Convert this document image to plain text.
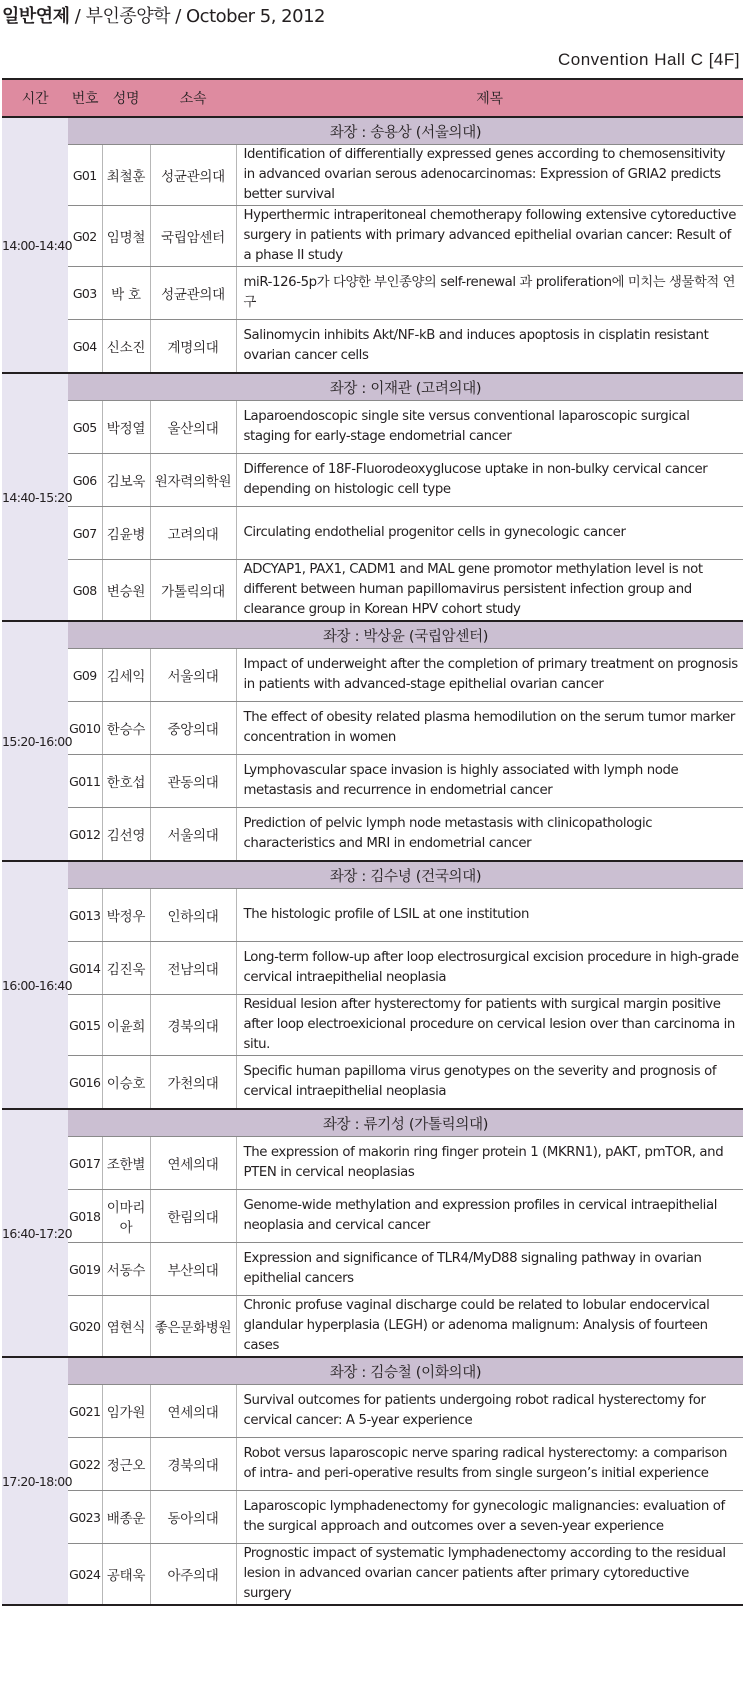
일반연제 / 부인종양학 / October 5, 2012
Convention Hall C [4F]
시간	번호	성명	소속	제목
14:00-14:40	좌장 : 송용상 (서울의대)			
	G01	최철훈	성균관의대	Identification of differentially expressed genes according to chemosensitivity in advanced ovarian serous adenocarcinomas: Expression of GRIA2 predicts better survival
	G02	임명철	국립암센터	Hyperthermic intraperitoneal chemotherapy following extensive cytoreductive surgery in patients with primary advanced epithelial ovarian cancer: Result of a phase II study
	G03	박 호	성균관의대	miR-126-5p가 다양한 부인종양의 self-renewal 과 proliferation에 미치는 생물학적 연구
	G04	신소진	계명의대	Salinomycin inhibits Akt/NF-kB and induces apoptosis in cisplatin resistant ovarian cancer cells
14:40-15:20	좌장 : 이재관 (고려의대)			
	G05	박정열	울산의대	Laparoendoscopic single site versus conventional laparoscopic surgical staging for early-stage endometrial cancer
	G06	김보욱	원자력의학원	Difference of 18F-Fluorodeoxyglucose uptake in non-bulky cervical cancer depending on histologic cell type
	G07	김윤병	고려의대	Circulating endothelial progenitor cells in gynecologic cancer
	G08	변승원	가톨릭의대	ADCYAP1, PAX1, CADM1 and MAL gene promotor methylation level is not different between human papillomavirus persistent infection group and clearance group in Korean HPV cohort study
15:20-16:00	좌장 : 박상윤 (국립암센터)			
	G09	김세익	서울의대	Impact of underweight after the completion of primary treatment on prognosis in patients with advanced-stage epithelial ovarian cancer
	G010	한승수	중앙의대	The effect of obesity related plasma hemodilution on the serum tumor marker concentration in women
	G011	한호섭	관동의대	Lymphovascular space invasion is highly associated with lymph node metastasis and recurrence in endometrial cancer
	G012	김선영	서울의대	Prediction of pelvic lymph node metastasis with clinicopathologic characteristics and MRI in endometrial cancer
16:00-16:40	좌장 : 김수녕 (건국의대)			
	G013	박정우	인하의대	The histologic profile of LSIL at one institution
	G014	김진욱	전남의대	Long-term follow-up after loop electrosurgical excision procedure in high-grade cervical intraepithelial neoplasia
	G015	이윤희	경북의대	Residual lesion after hysterectomy for patients with surgical margin positive after loop electroexicional procedure on cervical lesion over than carcinoma in situ.
	G016	이승호	가천의대	Specific human papilloma virus genotypes on the severity and prognosis of cervical intraepithelial neoplasia
16:40-17:20	좌장 : 류기성 (가톨릭의대)			
	G017	조한별	연세의대	The expression of makorin ring finger protein 1 (MKRN1), pAKT, pmTOR, and PTEN in cervical neoplasias
	G018	이마리아	한림의대	Genome-wide methylation and expression profiles in cervical intraepithelial neoplasia and cervical cancer
	G019	서동수	부산의대	Expression and significance of TLR4/MyD88 signaling pathway in ovarian epithelial cancers
	G020	염현식	좋은문화병원	Chronic profuse vaginal discharge could be related to lobular endocervical glandular hyperplasia (LEGH) or adenoma malignum: Analysis of fourteen cases
17:20-18:00	좌장 : 김승철 (이화의대)			
	G021	임가원	연세의대	Survival outcomes for patients undergoing robot radical hysterectomy for cervical cancer: A 5-year experience
	G022	정근오	경북의대	Robot versus laparoscopic nerve sparing radical hysterectomy: a comparison of intra- and peri-operative results from single surgeon’s initial experience
	G023	배종운	동아의대	Laparoscopic lymphadenectomy for gynecologic malignancies: evaluation of the surgical approach and outcomes over a seven-year experience
	G024	공태욱	아주의대	Prognostic impact of systematic lymphadenectomy according to the residual lesion in advanced ovarian cancer patients after primary cytoreductive surgery
